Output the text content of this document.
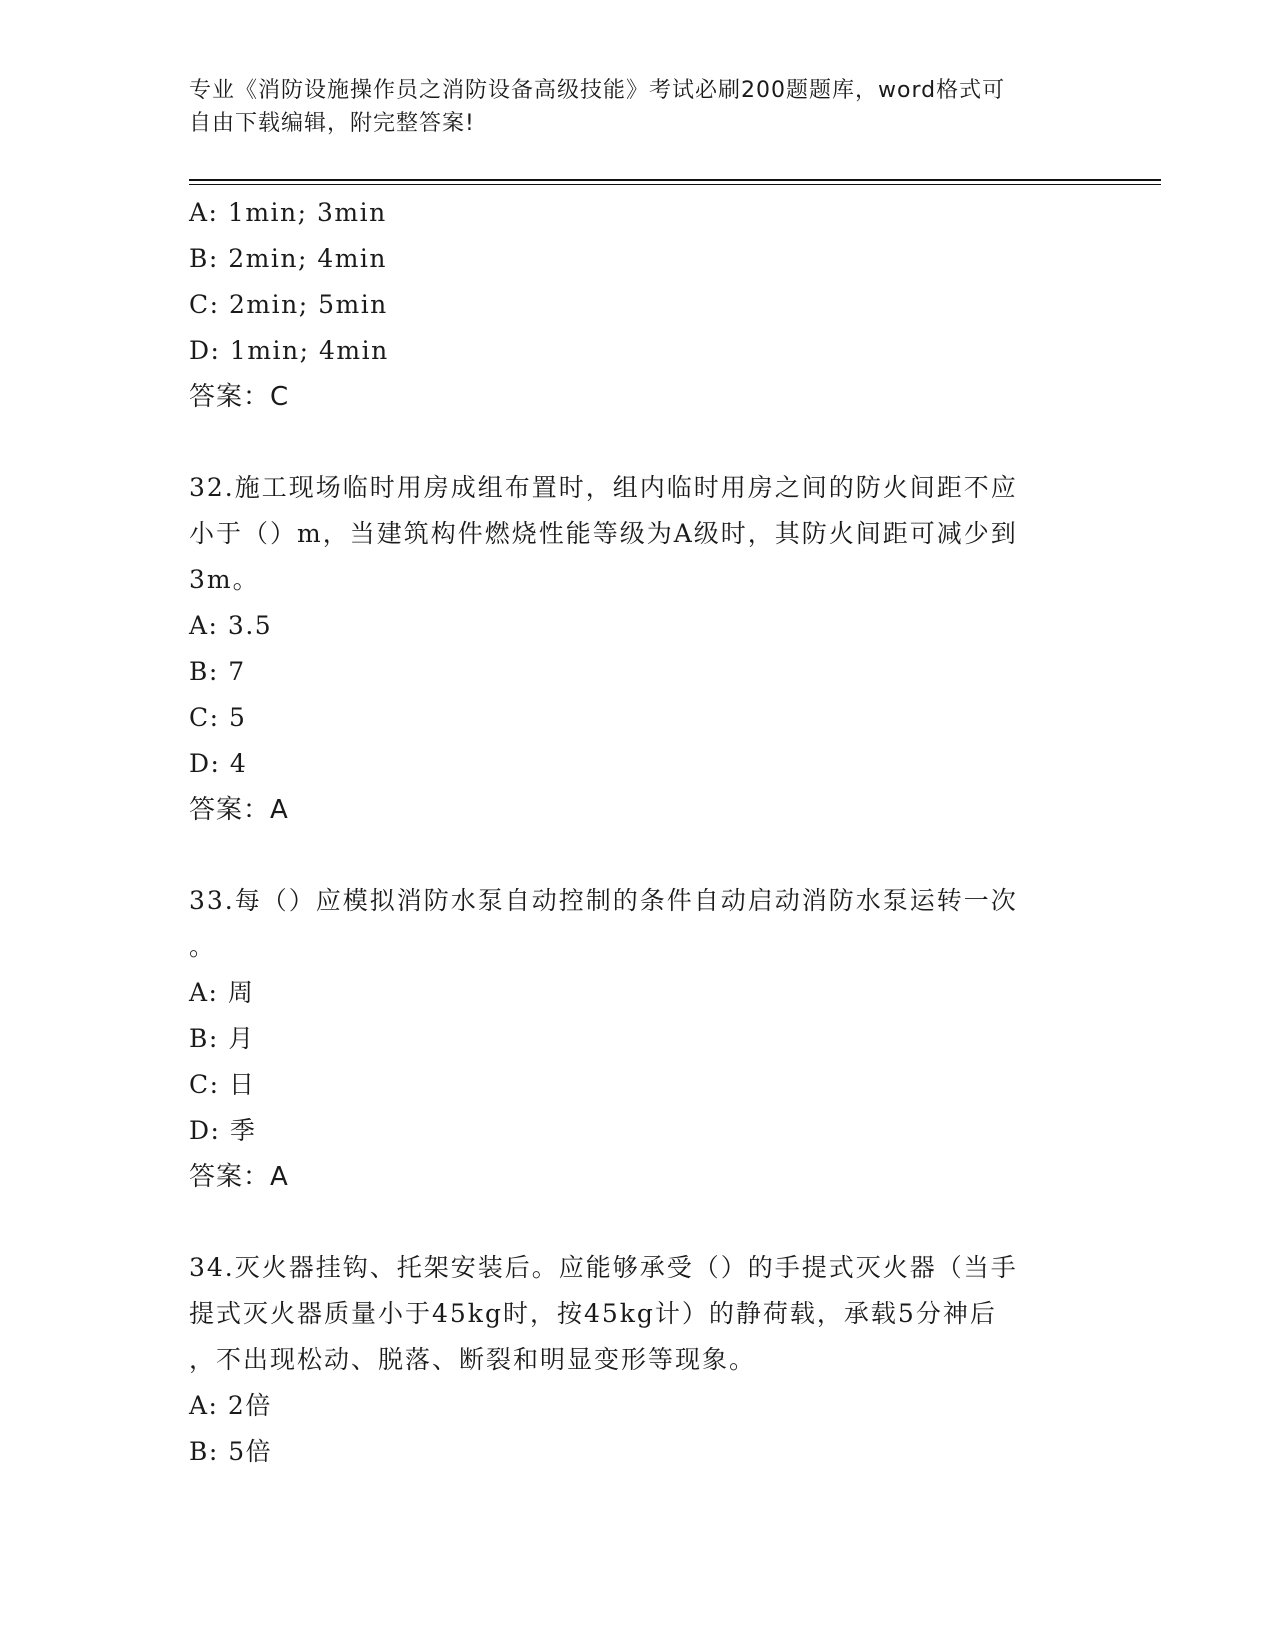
专业《消防设施操作员之消防设备高级技能》考试必刷200题题库，word格式可
自由下载编辑，附完整答案!
A: 1min; 3min
B: 2min; 4min
C: 2min; 5min
D: 1min; 4min
答案：C
32.施工现场临时用房成组布置时，组内临时用房之间的防火间距不应
小于（）m，当建筑构件燃烧性能等级为A级时，其防火间距可减少到
3m。
A: 3.5
B: 7
C: 5
D: 4
答案：A
33.每（）应模拟消防水泵自动控制的条件自动启动消防水泵运转一次
。
A: 周
B: 月
C: 日
D: 季
答案：A
34.灭火器挂钩、托架安装后。应能够承受（）的手提式灭火器（当手
提式灭火器质量小于45kg时，按45kg计）的静荷载，承载5分神后
，不出现松动、脱落、断裂和明显变形等现象。
A: 2倍
B: 5倍
